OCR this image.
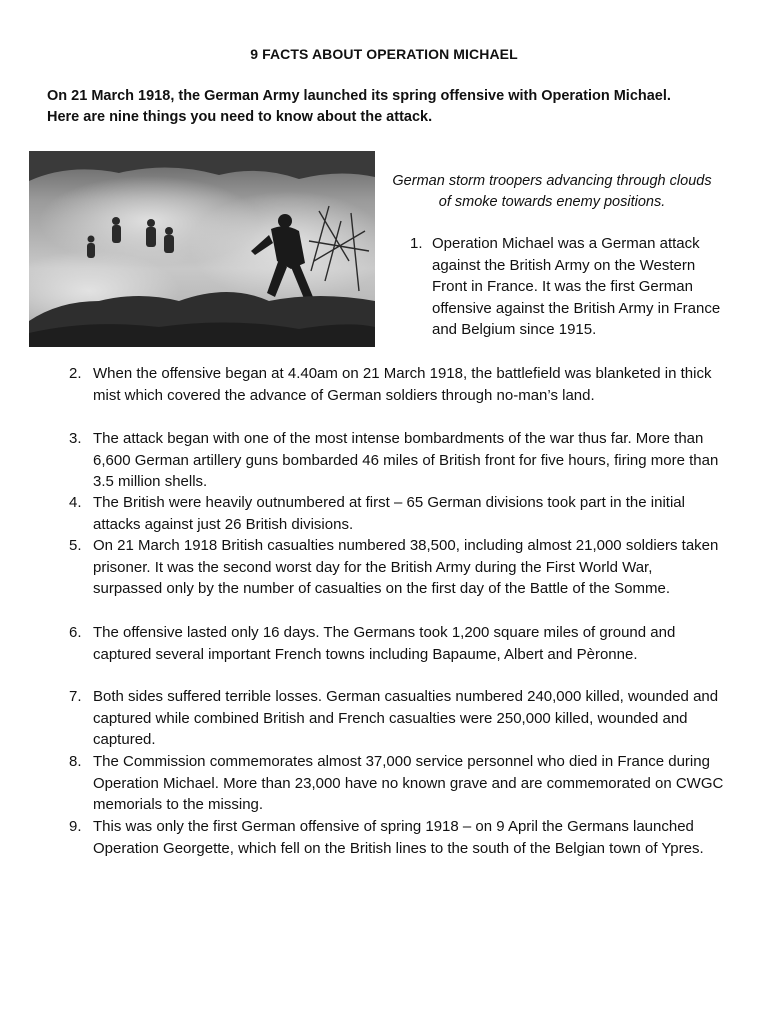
9 FACTS ABOUT OPERATION MICHAEL
On 21 March 1918, the German Army launched its spring offensive with Operation Michael. Here are nine things you need to know about the attack.
German storm troopers advancing through clouds of smoke towards enemy positions.
1. Operation Michael was a German attack against the British Army on the Western Front in France. It was the first German offensive against the British Army in France and Belgium since 1915.
2. When the offensive began at 4.40am on 21 March 1918, the battlefield was blanketed in thick mist which covered the advance of German soldiers through no-man’s land.
3. The attack began with one of the most intense bombardments of the war thus far. More than 6,600 German artillery guns bombarded 46 miles of British front for five hours, firing more than 3.5 million shells.
4. The British were heavily outnumbered at first – 65 German divisions took part in the initial attacks against just 26 British divisions.
5. On 21 March 1918 British casualties numbered 38,500, including almost 21,000 soldiers taken prisoner. It was the second worst day for the British Army during the First World War, surpassed only by the number of casualties on the first day of the Battle of the Somme.
6. The offensive lasted only 16 days. The Germans took 1,200 square miles of ground and captured several important French towns including Bapaume, Albert and Pèronne.
7. Both sides suffered terrible losses. German casualties numbered 240,000 killed, wounded and captured while combined British and French casualties were 250,000 killed, wounded and captured.
8. The Commission commemorates almost 37,000 service personnel who died in France during Operation Michael. More than 23,000 have no known grave and are commemorated on CWGC memorials to the missing.
9. This was only the first German offensive of spring 1918 – on 9 April the Germans launched Operation Georgette, which fell on the British lines to the south of the Belgian town of Ypres.
